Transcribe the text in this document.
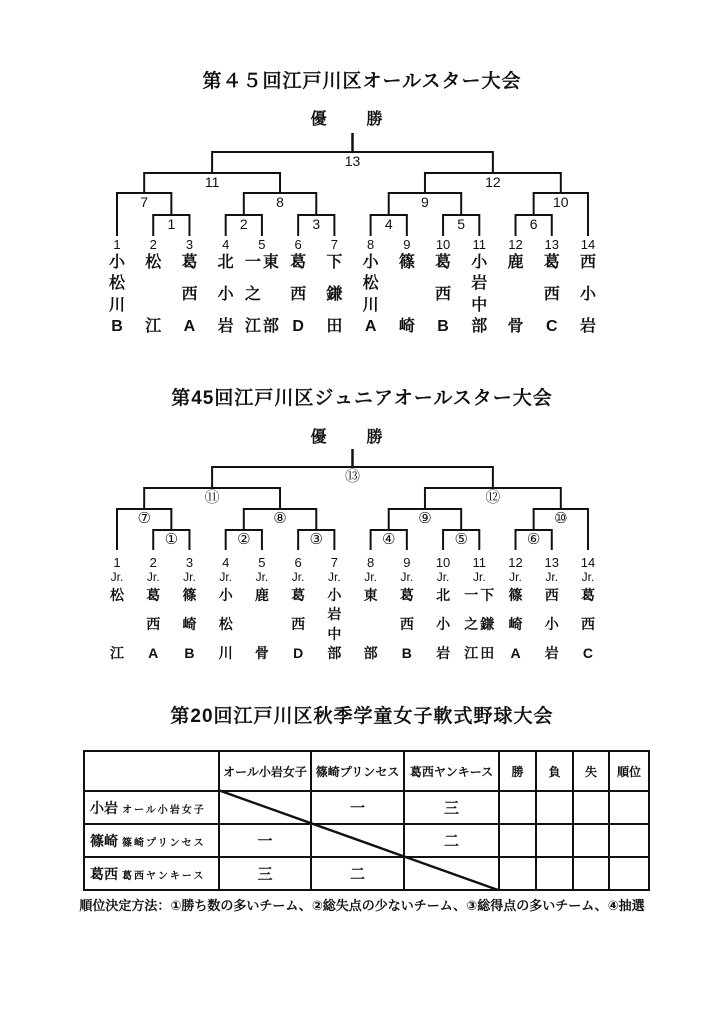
第４５回江戸川区オールスター大会
1	2	3	4	5	6
7	8	9	10
11	12
13
優　勝
1
小
松
川
B
2
松
江
3
葛
西
A
4
北
小
岩
5
一
之
江
東
部
6
葛
西
D
7
下
鎌
田
8
小
松
川
A
9
篠
崎
10
葛
西
B
11
小
岩
中
部
12
鹿
骨
13
葛
西
C
14
西
小
岩
第45回江戸川区ジュニアオールスター大会
①	②	③	④	⑤	⑥
⑦	⑧	⑨	⑩
⑪	⑫
⑬
優　勝
1
Jr.
松
江
2
Jr.
葛
西
A
3
Jr.
篠
崎
B
4
Jr.
小
松
川
5
Jr.
鹿
骨
6
Jr.
葛
西
D
7
Jr.
小
岩
中
部
8
Jr.
東
部
9
Jr.
葛
西
B
10
Jr.
北
小
岩
11
Jr.
一
之
江
下
鎌
田
12
Jr.
篠
崎
A
13
Jr.
西
小
岩
14
Jr.
葛
西
C
第20回江戸川区秋季学童女子軟式野球大会
	オール小岩女子	篠崎プリンセス	葛西ヤンキース	勝	負	失	順位
小岩 オール小岩女子		一	三				
篠崎 篠崎プリンセス	一		二				
葛西 葛西ヤンキース	三	二					
順位決定方法：①勝ち数の多いチーム、②総失点の少ないチーム、③総得点の多いチーム、④抽選
